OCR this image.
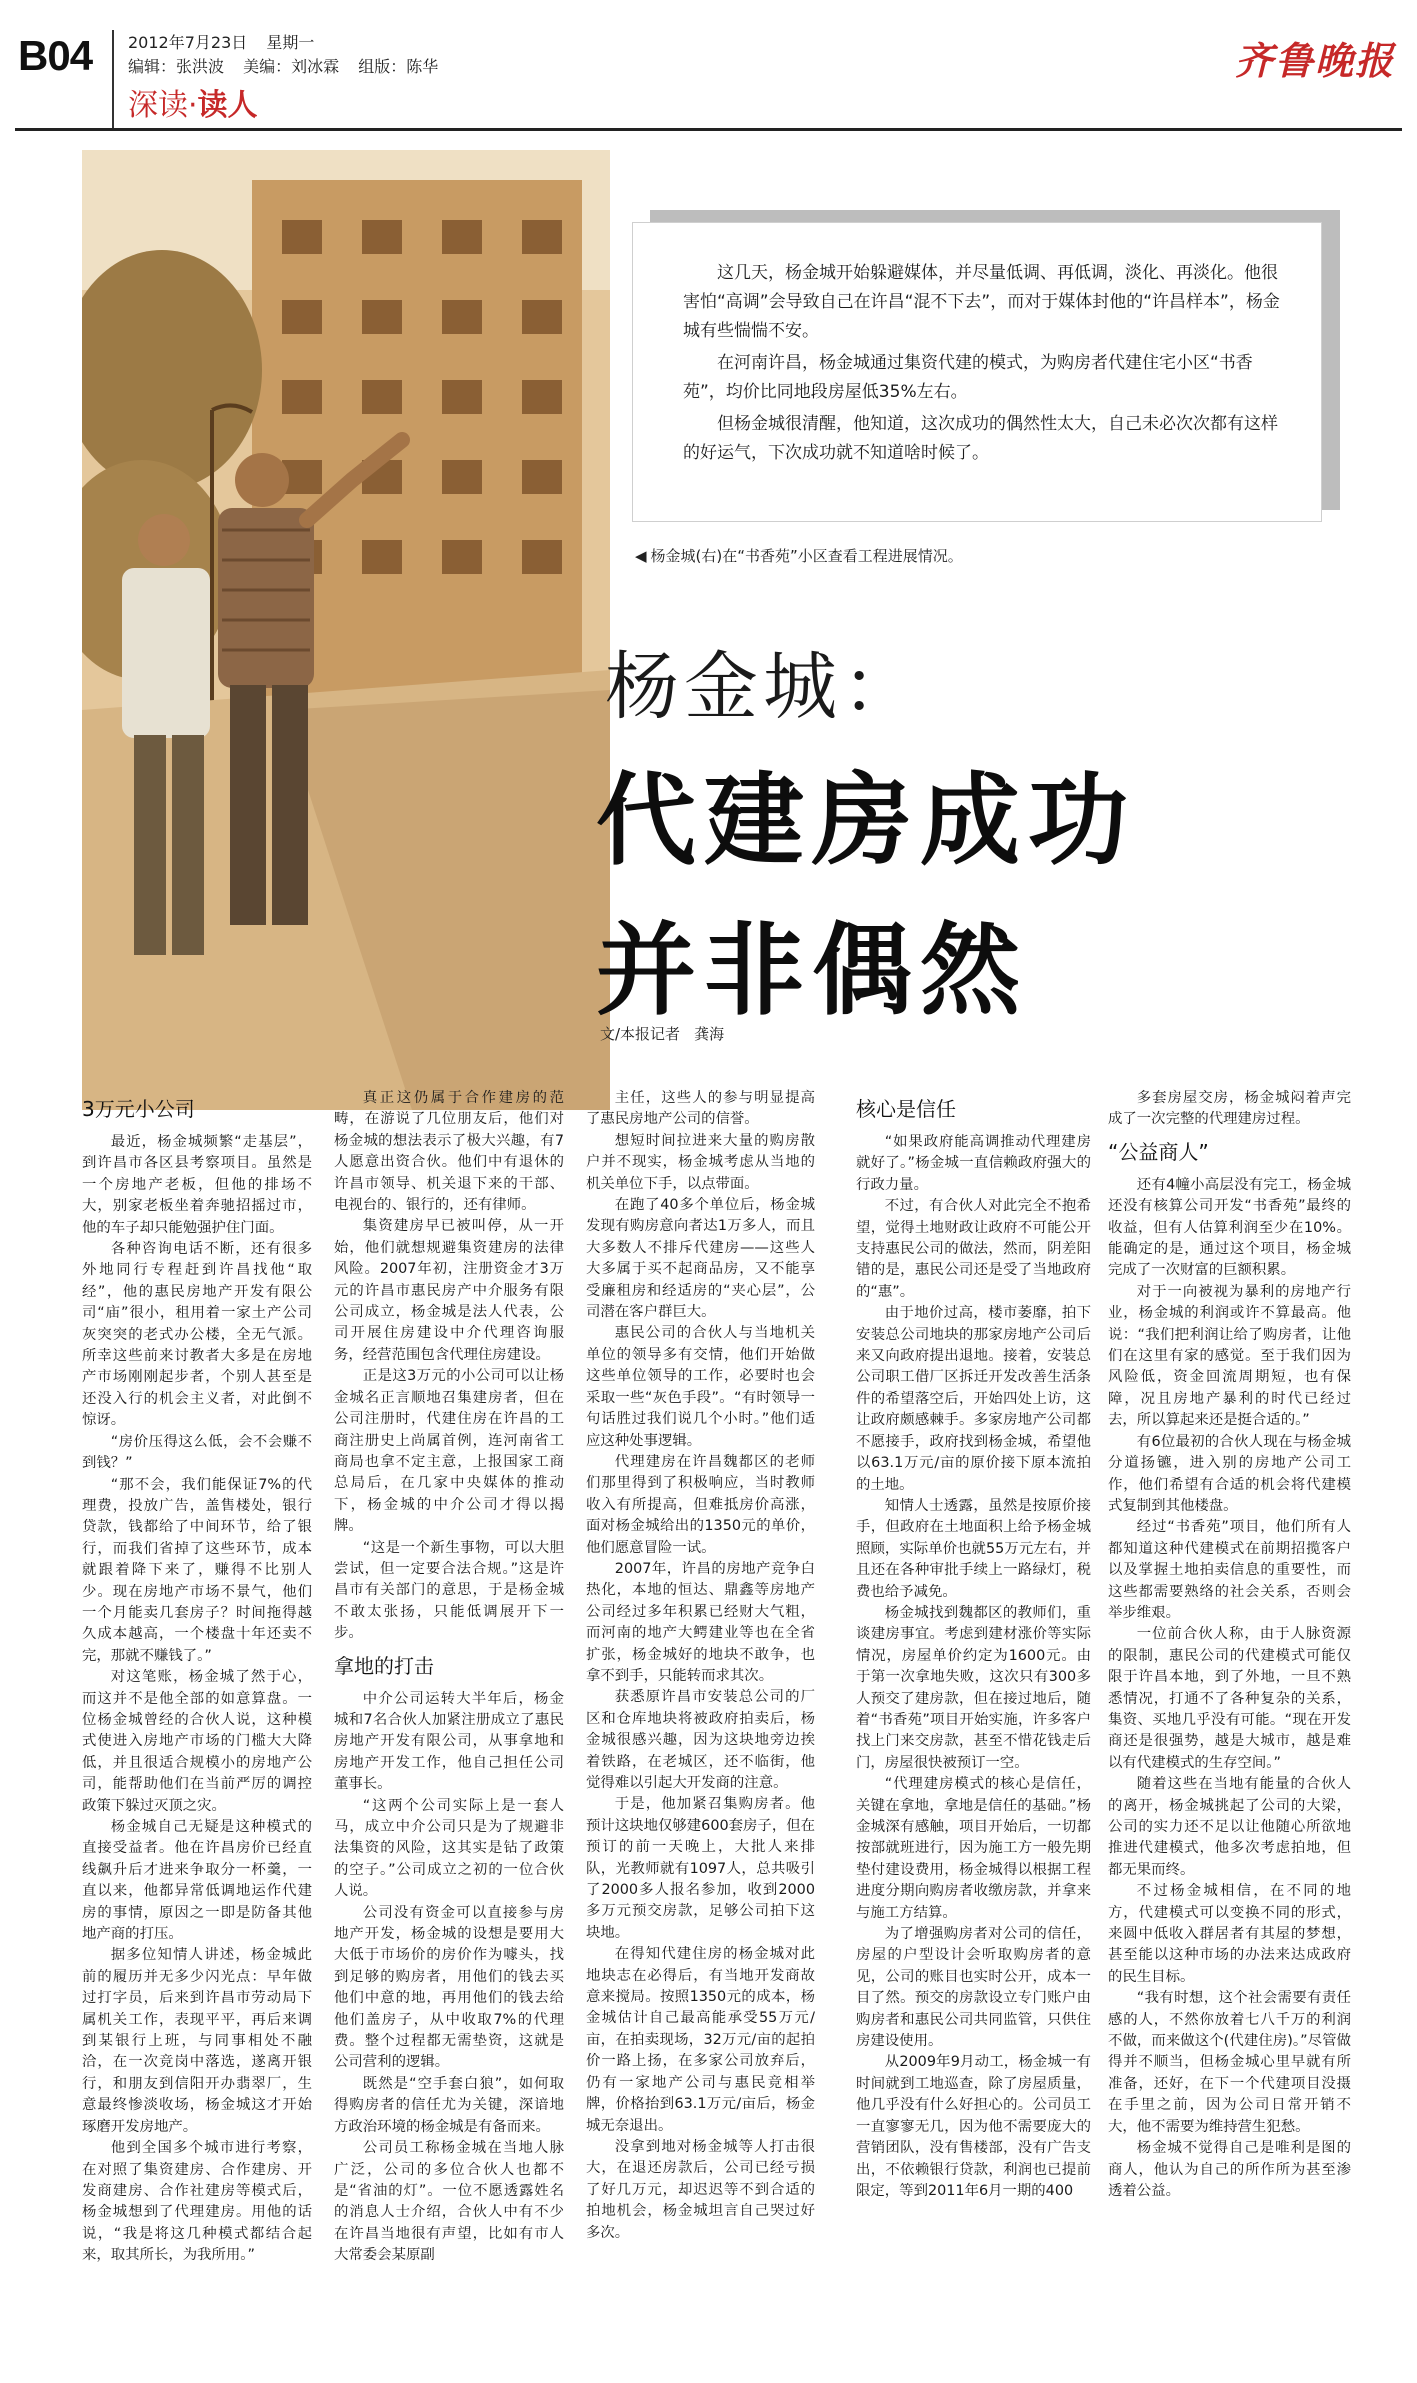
B04 2012年7月23日 星期一
编辑：张洪波 美编：刘冰霖 组版：陈华
深读·读人
齐鲁晚报

这几天，杨金城开始躲避媒体，并尽量低调、再低调，淡化、再淡化。他很害怕“高调”会导致自己在许昌“混不下去”，而对于媒体封他的“许昌样本”，杨金城有些惴惴不安。

在河南许昌，杨金城通过集资代建的模式，为购房者代建住宅小区“书香苑”，均价比同地段房屋低35%左右。

但杨金城很清醒，他知道，这次成功的偶然性太大，自己未必次次都有这样的好运气，下次成功就不知道啥时候了。

◀ 杨金城(右)在“书香苑”小区查看工程进展情况。
杨金城：
代建房成功
并非偶然
文/本报记者 龚海
3万元小公司

最近，杨金城频繁“走基层”，到许昌市各区县考察项目。虽然是一个房地产老板，但他的排场不大，别家老板坐着奔驰招摇过市，他的车子却只能勉强护住门面。

各种咨询电话不断，还有很多外地同行专程赶到许昌找他“取经”，他的惠民房地产开发有限公司“庙”很小，租用着一家土产公司灰突突的老式办公楼，全无气派。所幸这些前来讨教者大多是在房地产市场刚刚起步者，个别人甚至是还没入行的机会主义者，对此倒不惊讶。

“房价压得这么低，会不会赚不到钱？”

“那不会，我们能保证7%的代理费，投放广告，盖售楼处，银行贷款，钱都给了中间环节，给了银行，而我们省掉了这些环节，成本就跟着降下来了，赚得不比别人少。现在房地产市场不景气，他们一个月能卖几套房子？时间拖得越久成本越高，一个楼盘十年还卖不完，那就不赚钱了。”

对这笔账，杨金城了然于心，而这并不是他全部的如意算盘。一位杨金城曾经的合伙人说，这种模式使进入房地产市场的门槛大大降低，并且很适合规模小的房地产公司，能帮助他们在当前严厉的调控政策下躲过灭顶之灾。

杨金城自己无疑是这种模式的直接受益者。他在许昌房价已经直线飙升后才进来争取分一杯羹，一直以来，他都异常低调地运作代建房的事情，原因之一即是防备其他地产商的打压。

据多位知情人讲述，杨金城此前的履历并无多少闪光点：早年做过打字员，后来到许昌市劳动局下属机关工作，表现平平，再后来调到某银行上班，与同事相处不融洽，在一次竞岗中落选，遂离开银行，和朋友到信阳开办翡翠厂，生意最终惨淡收场，杨金城这才开始琢磨开发房地产。

他到全国多个城市进行考察，在对照了集资建房、合作建房、开发商建房、合作社建房等模式后，杨金城想到了代理建房。用他的话说，“我是将这几种模式都结合起来，取其所长，为我所用。”

真正这仍属于合作建房的范畴，在游说了几位朋友后，他们对杨金城的想法表示了极大兴趣，有7人愿意出资合伙。他们中有退休的许昌市领导、机关退下来的干部、电视台的、银行的，还有律师。

集资建房早已被叫停，从一开始，他们就想规避集资建房的法律风险。2007年初，注册资金才3万元的许昌市惠民房产中介服务有限公司成立，杨金城是法人代表，公司开展住房建设中介代理咨询服务，经营范围包含代理住房建设。

正是这3万元的小公司可以让杨金城名正言顺地召集建房者，但在公司注册时，代建住房在许昌的工商注册史上尚属首例，连河南省工商局也拿不定主意，上报国家工商总局后，在几家中央媒体的推动下，杨金城的中介公司才得以揭牌。

“这是一个新生事物，可以大胆尝试，但一定要合法合规。”这是许昌市有关部门的意思，于是杨金城不敢太张扬，只能低调展开下一步。

拿地的打击

中介公司运转大半年后，杨金城和7名合伙人加紧注册成立了惠民房地产开发有限公司，从事拿地和房地产开发工作，他自己担任公司董事长。

“这两个公司实际上是一套人马，成立中介公司只是为了规避非法集资的风险，这其实是钻了政策的空子。”公司成立之初的一位合伙人说。

公司没有资金可以直接参与房地产开发，杨金城的设想是要用大大低于市场价的房价作为噱头，找到足够的购房者，用他们的钱去买他们中意的地，再用他们的钱去给他们盖房子，从中收取7%的代理费。整个过程都无需垫资，这就是公司营利的逻辑。

既然是“空手套白狼”，如何取得购房者的信任尤为关键，深谙地方政治环境的杨金城是有备而来。

公司员工称杨金城在当地人脉广泛，公司的多位合伙人也都不是“省油的灯”。一位不愿透露姓名的消息人士介绍，合伙人中有不少在许昌当地很有声望，比如有市人大常委会某原副

主任，这些人的参与明显提高了惠民房地产公司的信誉。

想短时间拉进来大量的购房散户并不现实，杨金城考虑从当地的机关单位下手，以点带面。

在跑了40多个单位后，杨金城发现有购房意向者达1万多人，而且大多数人不排斥代建房——这些人大多属于买不起商品房，又不能享受廉租房和经适房的“夹心层”，公司潜在客户群巨大。

惠民公司的合伙人与当地机关单位的领导多有交情，他们开始做这些单位领导的工作，必要时也会采取一些“灰色手段”。“有时领导一句话胜过我们说几个小时。”他们适应这种处事逻辑。

代理建房在许昌魏都区的老师们那里得到了积极响应，当时教师收入有所提高，但难抵房价高涨，面对杨金城给出的1350元的单价，他们愿意冒险一试。

2007年，许昌的房地产竞争白热化，本地的恒达、鼎鑫等房地产公司经过多年积累已经财大气粗，而河南的地产大鳄建业等也在全省扩张，杨金城好的地块不敢争，也拿不到手，只能转而求其次。

获悉原许昌市安装总公司的厂区和仓库地块将被政府拍卖后，杨金城很感兴趣，因为这块地旁边挨着铁路，在老城区，还不临街，他觉得难以引起大开发商的注意。

于是，他加紧召集购房者。他预计这块地仅够建600套房子，但在预订的前一天晚上，大批人来排队，光教师就有1097人，总共吸引了2000多人报名参加，收到2000多万元预交房款，足够公司拍下这块地。

在得知代建住房的杨金城对此地块志在必得后，有当地开发商故意来搅局。按照1350元的成本，杨金城估计自己最高能承受55万元/亩，在拍卖现场，32万元/亩的起拍价一路上扬，在多家公司放弃后，仍有一家地产公司与惠民竞相举牌，价格抬到63.1万元/亩后，杨金城无奈退出。

没拿到地对杨金城等人打击很大，在退还房款后，公司已经亏损了好几万元，却迟迟等不到合适的拍地机会，杨金城坦言自己哭过好多次。

核心是信任

“如果政府能高调推动代理建房就好了。”杨金城一直信赖政府强大的行政力量。

不过，有合伙人对此完全不抱希望，觉得土地财政让政府不可能公开支持惠民公司的做法，然而，阴差阳错的是，惠民公司还是受了当地政府的“惠”。

由于地价过高，楼市萎靡，拍下安装总公司地块的那家房地产公司后来又向政府提出退地。接着，安装总公司职工借厂区拆迁开发改善生活条件的希望落空后，开始四处上访，这让政府颇感棘手。多家房地产公司都不愿接手，政府找到杨金城，希望他以63.1万元/亩的原价接下原本流拍的土地。

知情人士透露，虽然是按原价接手，但政府在土地面积上给予杨金城照顾，实际单价也就55万元左右，并且还在各种审批手续上一路绿灯，税费也给予减免。

杨金城找到魏都区的教师们，重谈建房事宜。考虑到建材涨价等实际情况，房屋单价约定为1600元。由于第一次拿地失败，这次只有300多人预交了建房款，但在接过地后，随着“书香苑”项目开始实施，许多客户找上门来交房款，甚至不惜花钱走后门，房屋很快被预订一空。

“代理建房模式的核心是信任，关键在拿地，拿地是信任的基础。”杨金城深有感触，项目开始后，一切都按部就班进行，因为施工方一般先期垫付建设费用，杨金城得以根据工程进度分期向购房者收缴房款，并拿来与施工方结算。

为了增强购房者对公司的信任，房屋的户型设计会听取购房者的意见，公司的账目也实时公开，成本一目了然。预交的房款设立专门账户由购房者和惠民公司共同监管，只供住房建设使用。

从2009年9月动工，杨金城一有时间就到工地巡查，除了房屋质量，他几乎没有什么好担心的。公司员工一直寥寥无几，因为他不需要庞大的营销团队，没有售楼部，没有广告支出，不依赖银行贷款，利润也已提前限定，等到2011年6月一期的400

多套房屋交房，杨金城闷着声完成了一次完整的代理建房过程。

“公益商人”

还有4幢小高层没有完工，杨金城还没有核算公司开发“书香苑”最终的收益，但有人估算利润至少在10%。能确定的是，通过这个项目，杨金城完成了一次财富的巨额积累。

对于一向被视为暴利的房地产行业，杨金城的利润或许不算最高。他说：“我们把利润让给了购房者，让他们在这里有家的感觉。至于我们因为风险低，资金回流周期短，也有保障，况且房地产暴利的时代已经过去，所以算起来还是挺合适的。”

有6位最初的合伙人现在与杨金城分道扬镳，进入别的房地产公司工作，他们希望有合适的机会将代建模式复制到其他楼盘。

经过“书香苑”项目，他们所有人都知道这种代建模式在前期招揽客户以及掌握土地拍卖信息的重要性，而这些都需要熟络的社会关系，否则会举步维艰。

一位前合伙人称，由于人脉资源的限制，惠民公司的代建模式可能仅限于许昌本地，到了外地，一旦不熟悉情况，打通不了各种复杂的关系，集资、买地几乎没有可能。“现在开发商还是很强势，越是大城市，越是难以有代建模式的生存空间。”

随着这些在当地有能量的合伙人的离开，杨金城挑起了公司的大梁，公司的实力还不足以让他随心所欲地推进代建模式，他多次考虑拍地，但都无果而终。

不过杨金城相信，在不同的地方，代建模式可以变换不同的形式，来圆中低收入群居者有其屋的梦想，甚至能以这种市场的办法来达成政府的民生目标。

“我有时想，这个社会需要有责任感的人，不然你放着七八千万的利润不做，而来做这个(代建住房)。”尽管做得并不顺当，但杨金城心里早就有所准备，还好，在下一个代建项目没摄在手里之前，因为公司日常开销不大，他不需要为维持营生犯愁。

杨金城不觉得自己是唯利是图的商人，他认为自己的所作所为甚至渗透着公益。
